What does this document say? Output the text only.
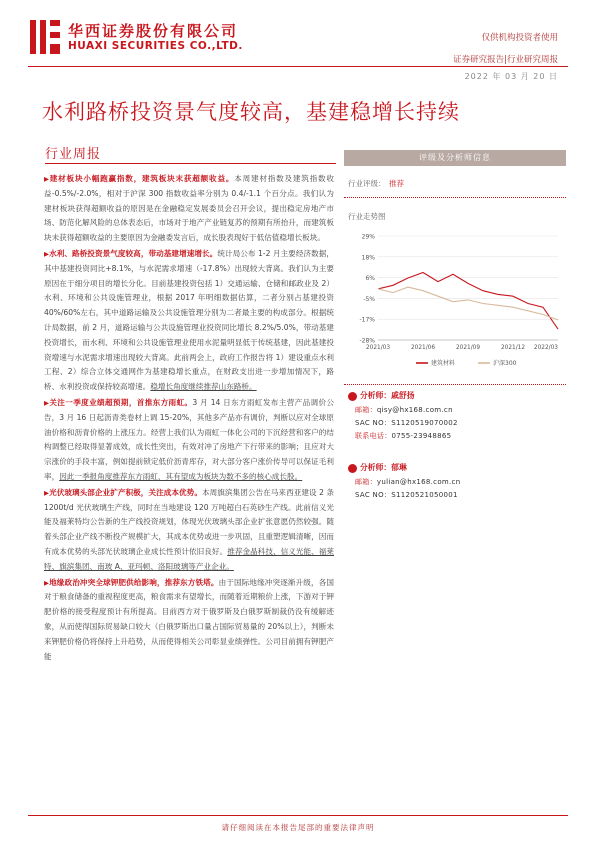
华西证券股份有限公司
HUAXI SECURITIES CO.,LTD.
仅供机构投资者使用
证券研究报告|行业研究周报
2022 年 03 月 20 日
水利路桥投资景气度较高，基建稳增长持续
行业周报

▶建材板块小幅跑赢指数，建筑板块末获超额收益。本周建材指数及建筑指数收益-0.5%/-2.0%，相对于沪深 300 指数收益率分别为 0.4/-1.1 个百分点。我们认为建材板块获得超额收益的原因是在金融稳定发展委员会召开会议，提出稳定房地产市场、防范化解风险的总体表态后，市场对于地产产业链复苏的预期有所抬升，而建筑板块未获得超额收益的主要原因为金融委发言后，成长股表现好于低估值稳增长板块。

▶水利、路桥投资景气度较高，带动基建增速增长。统计局公布 1-2 月主要经济数据，其中基建投资同比+8.1%，与水泥需求增速（-17.8%）出现较大背离。我们认为主要原因在于细分项目的增长分化。目前基建投资包括 1）交通运输、仓储和邮政业及 2）水利、环境和公共设施管理业，根据 2017 年明细数据估算，二者分别占基建投资 40%/60%左右，其中道路运输及公共设施管理分别为二者最主要的构成部分。根据统计局数据，前 2 月，道路运输与公共设施管理业投资同比增长 8.2%/5.0%，带动基建投资增长，而水利、环境和公共设施管理业使用水泥量明显低于传统基建，因此基建投资增速与水泥需求增速出现较大背离。此前两会上，政府工作报告将 1）建设重点水利工程、2）综合立体交通网作为基建稳增长重点，在财政支出进一步增加情况下，路桥、水利投资或保持较高增速。稳增长角度继续推荐山东路桥。

▶关注一季度业绩超预期，首推东方雨虹。3 月 14 日东方雨虹发布主营产品调价公告，3 月 16 日起沥青类卷材上调 15-20%，其他多产品亦有调价，判断以应对全球原油价格和沥青价格的上涨压力。经营上我们认为雨虹一体化公司的下沉经营和客户的结构调整已经取得显著成效，成长性突出，有效对冲了房地产下行带来的影响；且应对大宗涨价的手段丰富，例如提前锁定低价沥青库存，对大部分客户涨价传导可以保证毛利率，因此一季报角度推荐东方雨虹，其有望成为板块为数不多的核心成长股。

▶光伏玻璃头部企业扩产积极，关注成本优势。本周旗滨集团公告在马来西亚建设 2 条 1200t/d 光伏玻璃生产线，同时在当地建设 120 万吨超白石英砂生产线。此前信义光能及福莱特均公告新的生产线投资规划，体现光伏玻璃头部企业扩张意愿仍然较强。随着头部企业产线不断投产规模扩大，其成本优势或进一步巩固，且重塑逻辑清晰，因而有成本优势的头部光伏玻璃企业成长性预计依旧良好。推荐金晶科技、信义光能、福莱特、旗滨集团、南玻 A、亚玛顿、洛阳玻璃等产业企业。

▶地缘政治冲突全球钾肥供给影响，推荐东方铁塔。由于国际地缘冲突逐渐升级，各国对于粮食储备的重视程度更高，粮食需求有望增长，而随着近期粮价上涨，下游对于钾肥价格的接受程度预计有所提高。目前西方对于俄罗斯及白俄罗斯制裁仍没有缓解迹象，从而使得国际贸易缺口较大（白俄罗斯出口量占国际贸易量的 20%以上），判断未来钾肥价格仍将保持上升趋势，从而使得相关公司彰显业绩弹性。公司目前拥有钾肥产能

评级及分析师信息
行业评级： 推荐
行业走势图
29%
18%
6%
-5%
-17%
-28%
2021/03	2021/06	2021/09	2021/12 2022/03
建筑材料	沪深300
分析师：戚舒扬
邮箱：qisy@hx168.com.cn
SAC NO：S1120519070002
联系电话：0755-23948865
分析师：郁琳
邮箱：yulian@hx168.com.cn
SAC NO：S1120521050001
请仔细阅读在本报告尾部的重要法律声明
